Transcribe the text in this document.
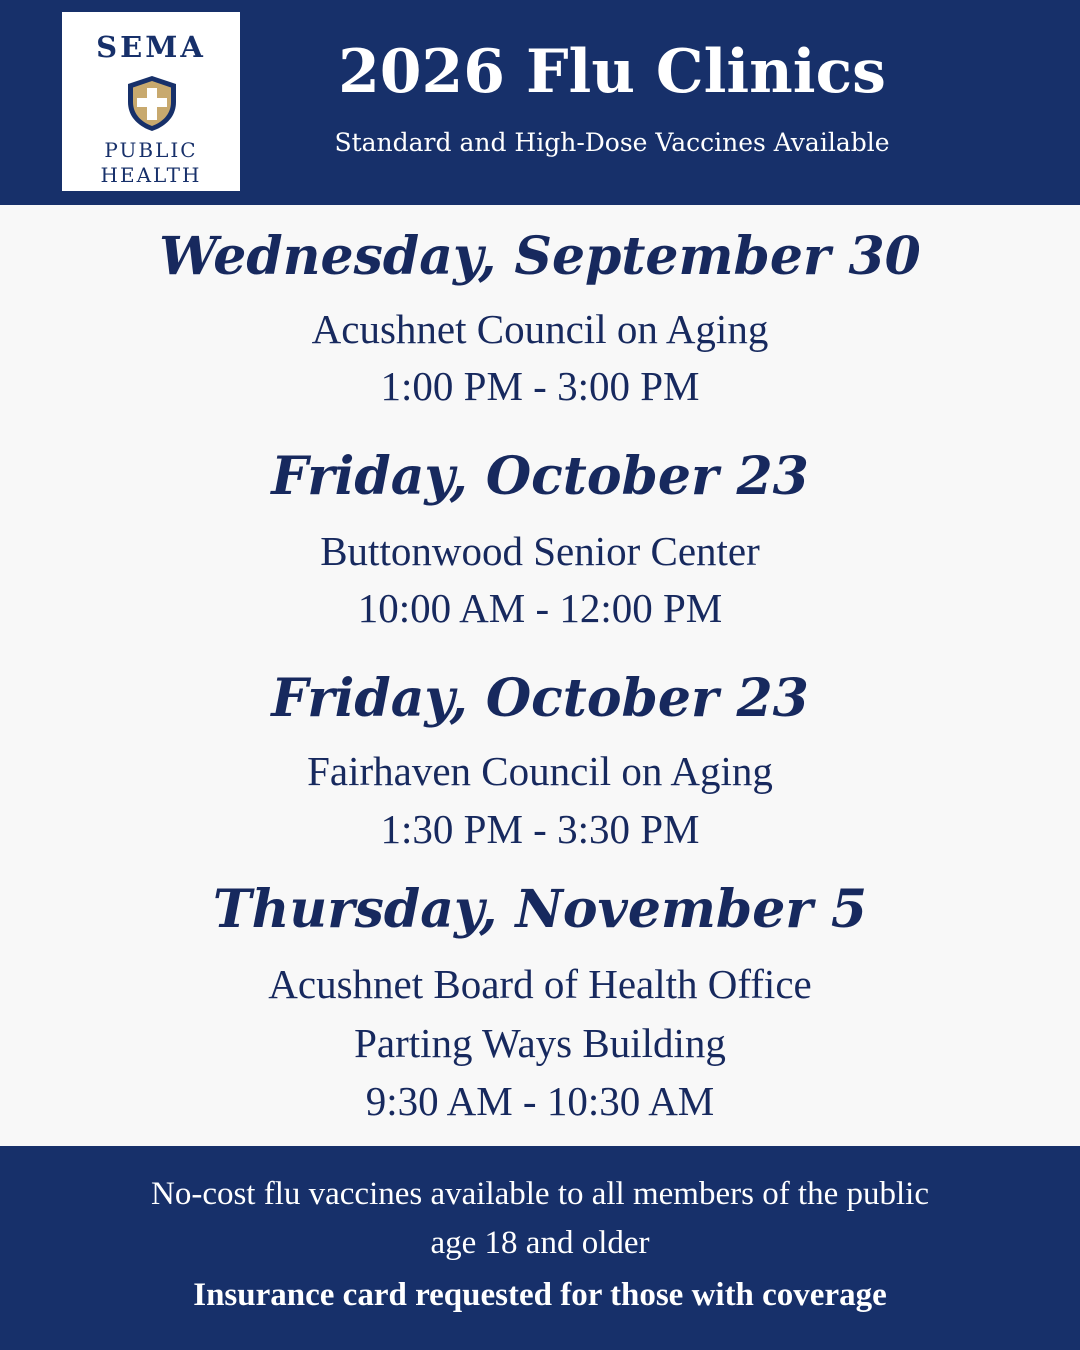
SEMA
PUBLIC
HEALTH
2026 Flu Clinics
Standard and High-Dose Vaccines Available
Wednesday, September 30
Acushnet Council on Aging
1:00 PM - 3:00 PM
Friday, October 23
Buttonwood Senior Center
10:00 AM - 12:00 PM
Friday, October 23
Fairhaven Council on Aging
1:30 PM - 3:30 PM
Thursday, November 5
Acushnet Board of Health Office
Parting Ways Building
9:30 AM - 10:30 AM
No-cost flu vaccines available to all members of the public
age 18 and older
Insurance card requested for those with coverage
